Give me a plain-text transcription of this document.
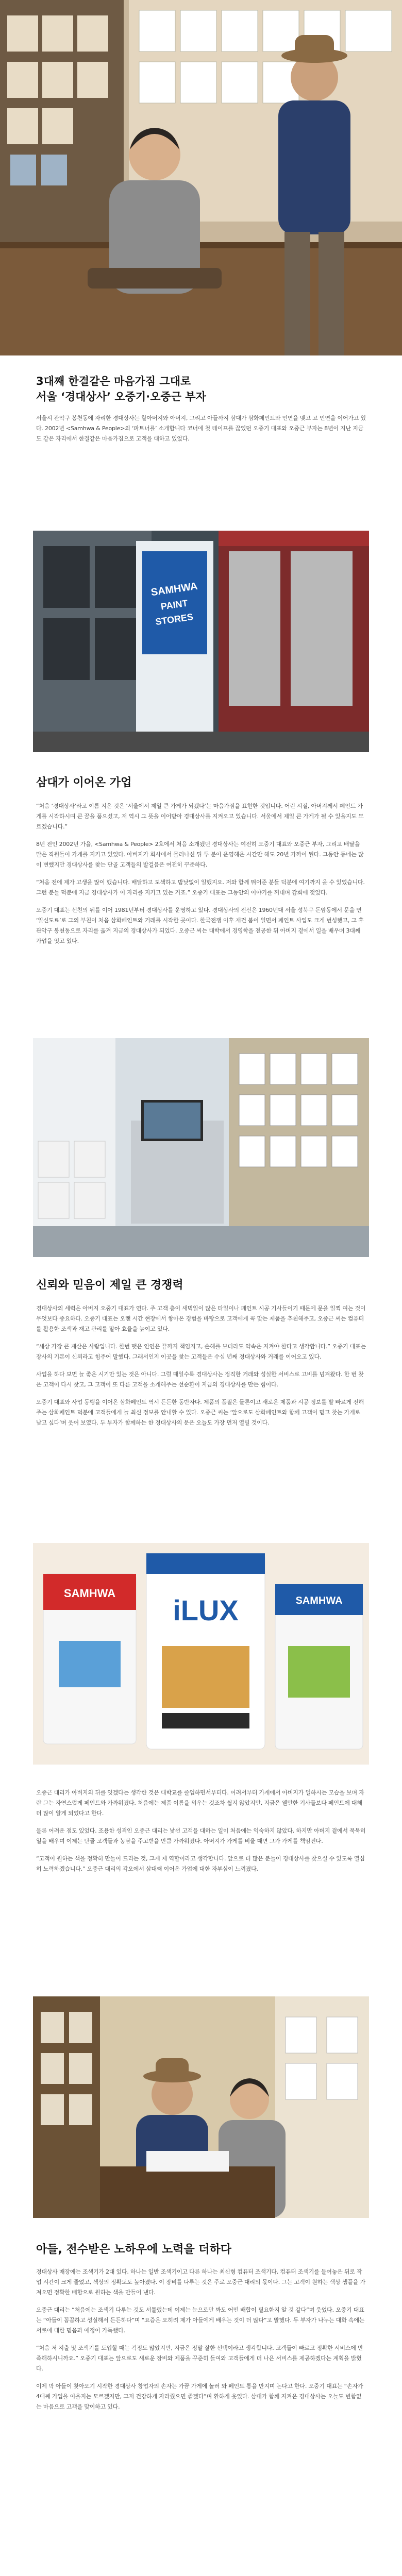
3대째 한결같은 마음가짐 그대로
서울 ‘경대상사’ 오중기·오중근 부자

서울시 관악구 봉천동에 자리한 경대상사는 할아버지와 아버지, 그리고 아들까지 삼대가 삼화페인트와 인연을 맺고 고 인연을 이어가고 있다. 2002년 <Samhwa & People>의 ‘파트너를’ 소개합니다 코너에 첫 테이프를 끊었던 오중기 대표와 오중근 부자는 8년이 지난 지금도 같은 자리에서 한결같은 마음가짐으로 고객을 대하고 있었다.

SAMHWA
PAINT
STORES
삼대가 이어온 가업

“처음 ‘경대상사’라고 이름 지은 것은 ‘서울에서 제일 큰 가게가 되겠다’는 마음가짐을 표현한 것입니다. 어린 시절, 아버지께서 페인트 가게를 시작하시며 큰 꿈을 품으셨고, 저 역시 그 뜻을 이어받아 경대상사를 지켜오고 있습니다. 서울에서 제일 큰 가게가 될 수 있을지도 모르겠습니다.”

8년 전인 2002년 가을, <Samhwa & People> 2호에서 처음 소개됐던 경대상사는 여전히 오중기 대표와 오중근 부자, 그리고 배달을 맡은 직원들이 가게를 지키고 있었다. 아버지가 회사에서 물러나신 뒤 두 분이 운영해온 시간만 해도 20년 가까이 된다. 그동안 동네는 많이 변했지만 경대상사를 찾는 단골 고객들의 발걸음은 여전히 꾸준하다.

“처음 전에 제가 고생을 많이 했습니다. 배달하고 도색하고 밤낮없이 일했지요. 저와 함께 뛰어준 분들 덕분에 여기까지 올 수 있었습니다. 그런 분들 덕분에 지금 경대상사가 이 자리를 지키고 있는 거죠.” 오중기 대표는 그동안의 이야기를 꺼내며 감회에 젖었다.

오중기 대표는 선친의 뒤를 이어 1981년부터 경대상사를 운영하고 있다. 경대상사의 전신은 1960년대 서울 성북구 돈암동에서 문을 연 ‘일신도료’로 그의 부친이 처음 삼화페인트와 거래를 시작한 곳이다. 한국전쟁 이후 재건 붐이 일면서 페인트 사업도 크게 번성했고, 그 후 관악구 봉천동으로 자리를 옮겨 지금의 경대상사가 되었다. 오중근 씨는 대학에서 경영학을 전공한 뒤 아버지 곁에서 일을 배우며 3대째 가업을 잇고 있다.

신뢰와 믿음이 제일 큰 경쟁력

경대상사의 세력은 아버지 오중기 대표가 연다. 주 고객 층이 새벽일이 많은 타일이나 페인트 시공 기사들이기 때문에 문을 일찍 여는 것이 무엇보다 중요하다. 오중기 대표는 오랜 시간 현장에서 쌓아온 경험을 바탕으로 고객에게 꼭 맞는 제품을 추천해주고, 오중근 씨는 컴퓨터를 활용한 조색과 재고 관리를 맡아 효율을 높이고 있다.

“세상 가장 큰 재산은 사람입니다. 한번 맺은 인연은 끝까지 책임지고, 손해를 보더라도 약속은 지켜야 한다고 생각합니다.” 오중기 대표는 장사의 기본이 신뢰라고 힘주어 말했다. 그래서인지 이곳을 찾는 고객들은 수십 년째 경대상사와 거래를 이어오고 있다.

사업을 하다 보면 늘 좋은 시기만 있는 것은 아니다. 그럴 때일수록 경대상사는 정직한 거래와 성실한 서비스로 고비를 넘겨왔다. 한 번 찾은 고객이 다시 찾고, 그 고객이 또 다른 고객을 소개해주는 선순환이 지금의 경대상사를 만든 힘이다.

오중기 대표와 사업 동행을 이어온 삼화페인트 역시 든든한 동반자다. 제품의 품질은 물론이고 새로운 제품과 시공 정보를 발 빠르게 전해주는 삼화페인트 덕분에 고객들에게 늘 최신 정보를 안내할 수 있다. 오중근 씨는 ‘앞으로도 삼화페인트와 함께 고객이 믿고 찾는 가게로 남고 싶다’며 웃어 보였다. 두 부자가 함께하는 한 경대상사의 문은 오늘도 가장 먼저 열릴 것이다.

SAMHWA
iLUX	SAMHWA

오중근 대리가 아버지의 뒤를 잇겠다는 생각한 것은 대학교를 졸업하면서부터다. 어려서부터 가게에서 아버지가 일하시는 모습을 보며 자란 그는 자연스럽게 페인트와 가까워졌다. 처음에는 제품 이름을 외우는 것조차 쉽지 않았지만, 지금은 웬만한 기사들보다 페인트에 대해 더 많이 알게 되었다고 한다.

물론 어려운 점도 있었다. 조용한 성격인 오중근 대리는 낯선 고객을 대하는 일이 처음에는 익숙하지 않았다. 하지만 아버지 곁에서 묵묵히 일을 배우며 이제는 단골 고객들과 농담을 주고받을 만큼 가까워졌다. 아버지가 가게를 비울 때면 그가 가게를 책임진다.

“고객이 원하는 색을 정확히 만들어 드리는 것, 그게 제 역할이라고 생각합니다. 앞으로 더 많은 분들이 경대상사를 찾으실 수 있도록 열심히 노력하겠습니다.” 오중근 대리의 각오에서 삼대째 이어온 가업에 대한 자부심이 느껴졌다.

아들, 전수받은 노하우에 노력을 더하다

경대상사 매장에는 조색기가 2대 있다. 하나는 일반 조색기이고 다른 하나는 최신형 컴퓨터 조색기다. 컴퓨터 조색기를 들여놓은 뒤로 작업 시간이 크게 줄었고, 색상의 정확도도 높아졌다. 이 장비를 다루는 것은 주로 오중근 대리의 몫이다. 그는 고객이 원하는 색상 샘플을 가져오면 정확한 배합으로 원하는 색을 만들어 낸다.

오중근 대리는 “처음에는 조색기 다루는 것도 서툴렀는데 이제는 눈으로만 봐도 어떤 배합이 필요한지 알 것 같다”며 웃었다. 오중기 대표는 “아들이 꼼꼼하고 성실해서 든든하다”며 “요즘은 오히려 제가 아들에게 배우는 것이 더 많다”고 말했다. 두 부자가 나누는 대화 속에는 서로에 대한 믿음과 애정이 가득했다.

“처음 저 지출 및 조색기를 도입할 때는 걱정도 많았지만, 지금은 정말 잘한 선택이라고 생각합니다. 고객들이 빠르고 정확한 서비스에 만족해하시니까요.” 오중기 대표는 앞으로도 새로운 장비와 제품을 꾸준히 들여와 고객들에게 더 나은 서비스를 제공하겠다는 계획을 밝혔다.

이제 막 아들이 찾아오기 시작한 경대상사 창업자의 손자는 가끔 가게에 놀러 와 페인트 통을 만지며 논다고 한다. 오중기 대표는 “손자가 4대째 가업을 이을지는 모르겠지만, 그저 건강하게 자라줬으면 좋겠다”며 환하게 웃었다. 삼대가 함께 지켜온 경대상사는 오늘도 변함없는 마음으로 고객을 맞이하고 있다.
